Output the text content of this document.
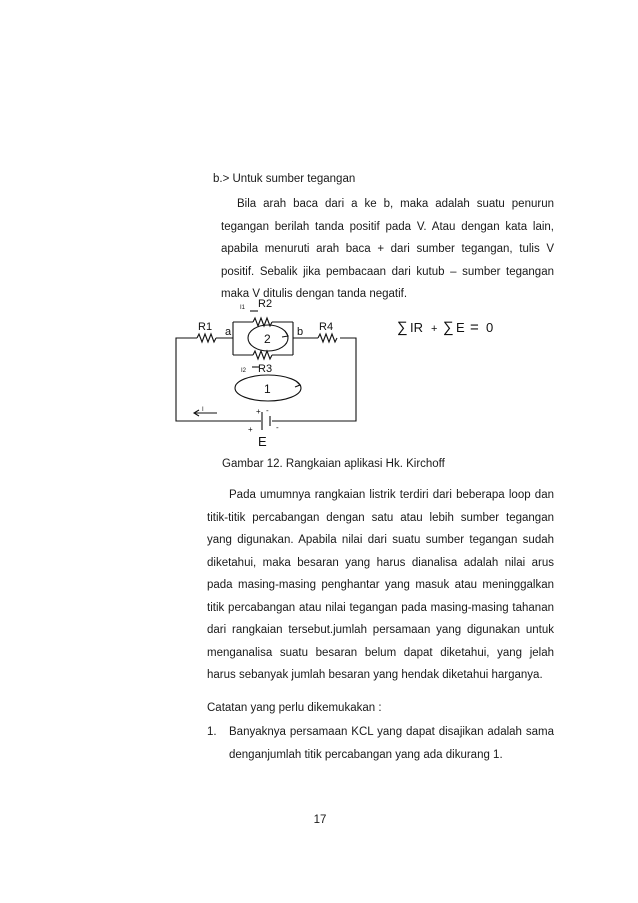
b.> Untuk sumber tegangan
Bila arah baca dari a ke b, maka adalah suatu penurun tegangan berilah tanda positif pada V. Atau dengan kata lain, apabila menuruti arah baca + dari sumber tegangan, tulis V positif. Sebalik jika pembacaan dari kutub – sumber tegangan maka V ditulis dengan tanda negatif.
R1
R2
R3
R4
a	b
2
1
E
I1
I2
I	+ -
+	-
∑ IR + ∑ E = 0
Gambar 12. Rangkaian aplikasi Hk. Kirchoff
Pada umumnya rangkaian listrik terdiri dari beberapa loop dan titik-titik percabangan dengan satu atau lebih sumber tegangan yang digunakan. Apabila nilai dari suatu sumber tegangan sudah diketahui, maka besaran yang harus dianalisa adalah nilai arus pada masing-masing penghantar yang masuk atau meninggalkan titik percabangan atau nilai tegangan pada masing-masing tahanan dari rangkaian tersebut.jumlah persamaan yang digunakan untuk menganalisa suatu besaran belum dapat diketahui, yang jelah harus sebanyak jumlah besaran yang hendak diketahui harganya.
Catatan yang perlu dikemukakan :
1. Banyaknya persamaan KCL yang dapat disajikan adalah sama denganjumlah titik percabangan yang ada dikurang 1.
17
